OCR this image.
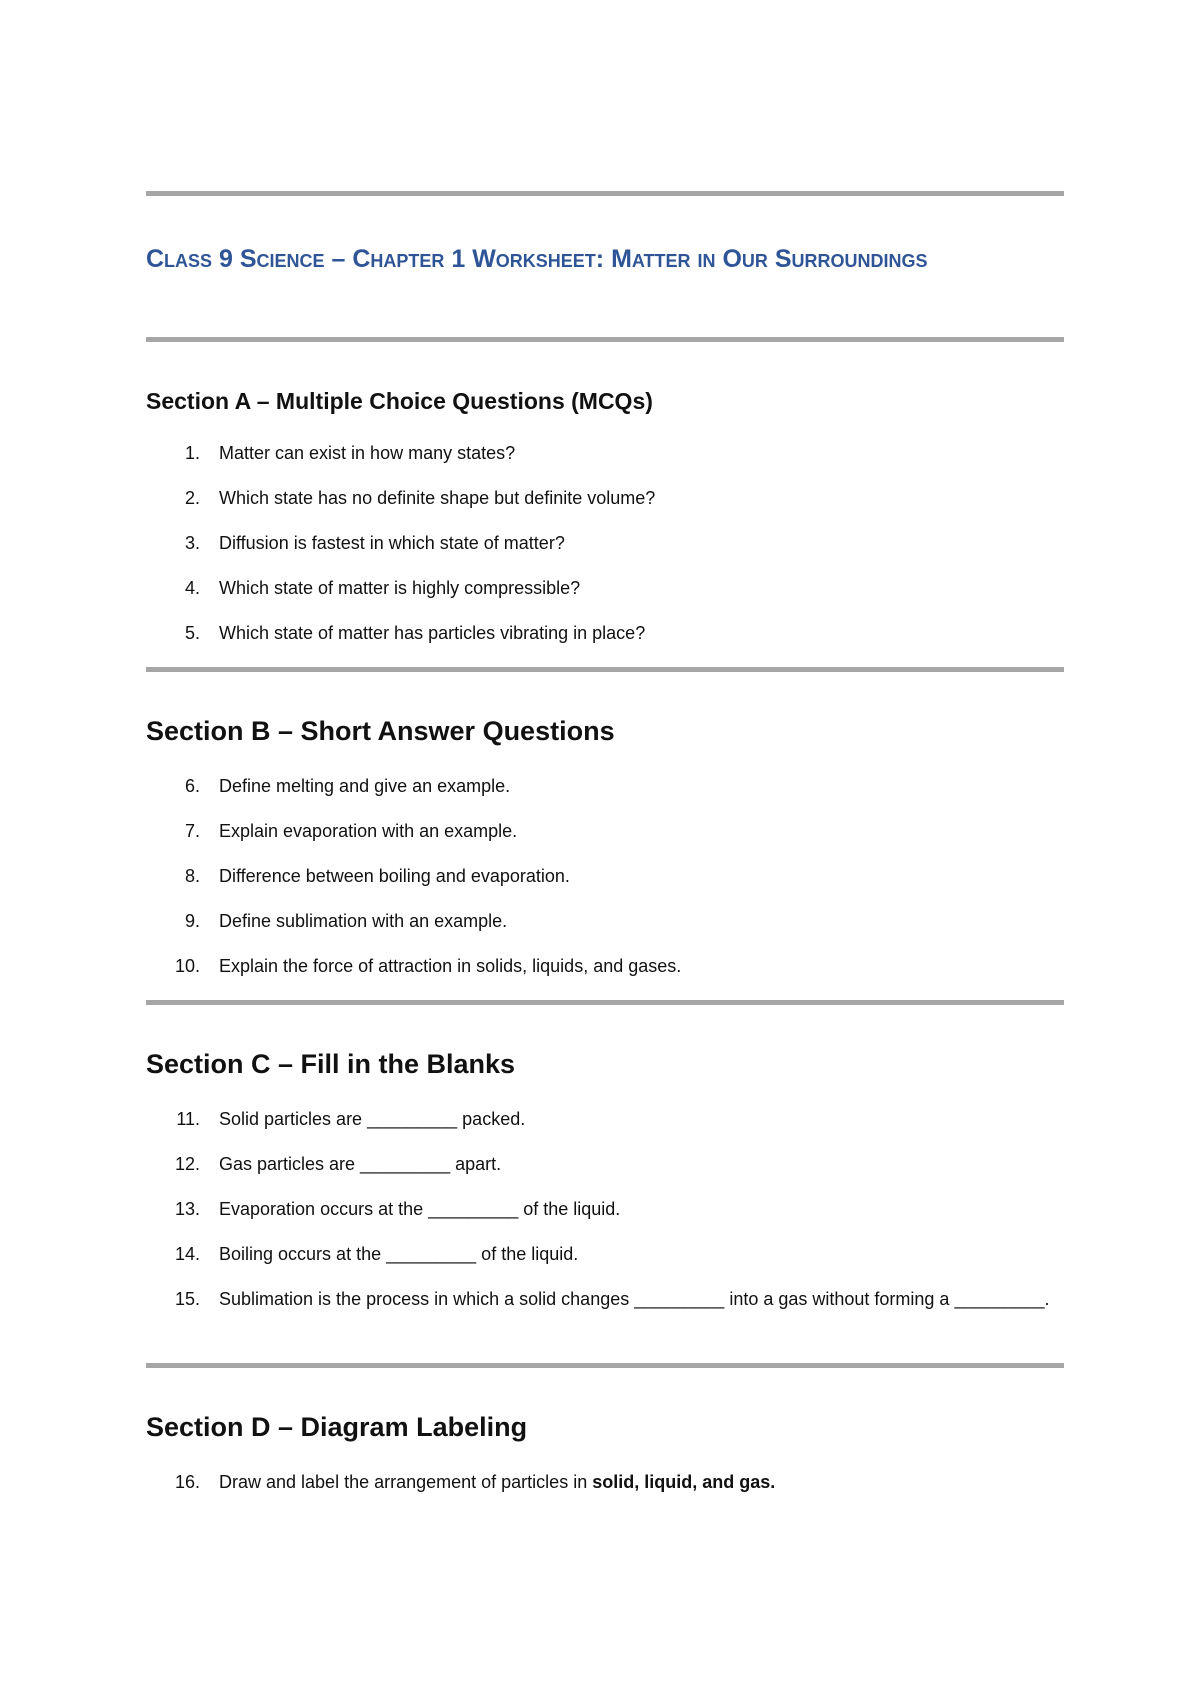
Class 9 Science – Chapter 1 Worksheet: Matter in Our Surroundings
Section A – Multiple Choice Questions (MCQs)
1. Matter can exist in how many states?
2. Which state has no definite shape but definite volume?
3. Diffusion is fastest in which state of matter?
4. Which state of matter is highly compressible?
5. Which state of matter has particles vibrating in place?
Section B – Short Answer Questions
6. Define melting and give an example.
7. Explain evaporation with an example.
8. Difference between boiling and evaporation.
9. Define sublimation with an example.
10. Explain the force of attraction in solids, liquids, and gases.
Section C – Fill in the Blanks
11. Solid particles are _________ packed.
12. Gas particles are _________ apart.
13. Evaporation occurs at the _________ of the liquid.
14. Boiling occurs at the _________ of the liquid.
15. Sublimation is the process in which a solid changes _________ into a gas without forming a _________.
Section D – Diagram Labeling
16. Draw and label the arrangement of particles in solid, liquid, and gas.
